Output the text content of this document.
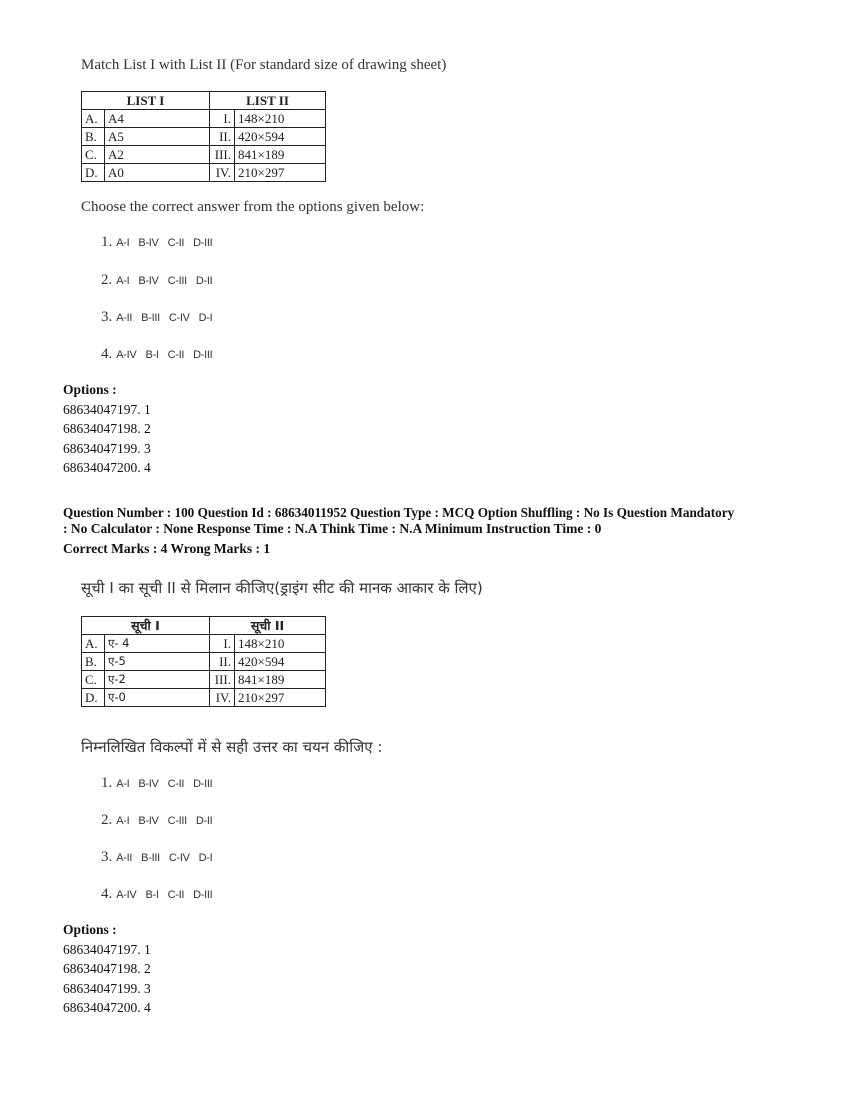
Match List I with List II (For standard size of drawing sheet)
LIST I		LIST II	
A.	A4	I.	148×210
B.	A5	II.	420×594
C.	A2	III.	841×189
D.	A0	IV.	210×297
Choose the correct answer from the options given below:
1. A-I B-IV C-II D-III
2. A-I B-IV C-III D-II
3. A-II B-III C-IV D-I
4. A-IV B-I C-II D-III
Options :
68634047197. 1
68634047198. 2
68634047199. 3
68634047200. 4
Question Number : 100 Question Id : 68634011952 Question Type : MCQ Option Shuffling : No Is Question Mandatory
: No Calculator : None Response Time : N.A Think Time : N.A Minimum Instruction Time : 0
Correct Marks : 4 Wrong Marks : 1
सूची I का सूची II से मिलान कीजिए(ड्राइंग सीट की मानक आकार के लिए)
सूची I		सूची II	
A.	ए- 4	I.	148×210
B.	ए-5	II.	420×594
C.	ए-2	III.	841×189
D.	ए-0	IV.	210×297
निम्नलिखित विकल्पों में से सही उत्तर का चयन कीजिए :
1. A-I B-IV C-II D-III
2. A-I B-IV C-III D-II
3. A-II B-III C-IV D-I
4. A-IV B-I C-II D-III
Options :
68634047197. 1
68634047198. 2
68634047199. 3
68634047200. 4
